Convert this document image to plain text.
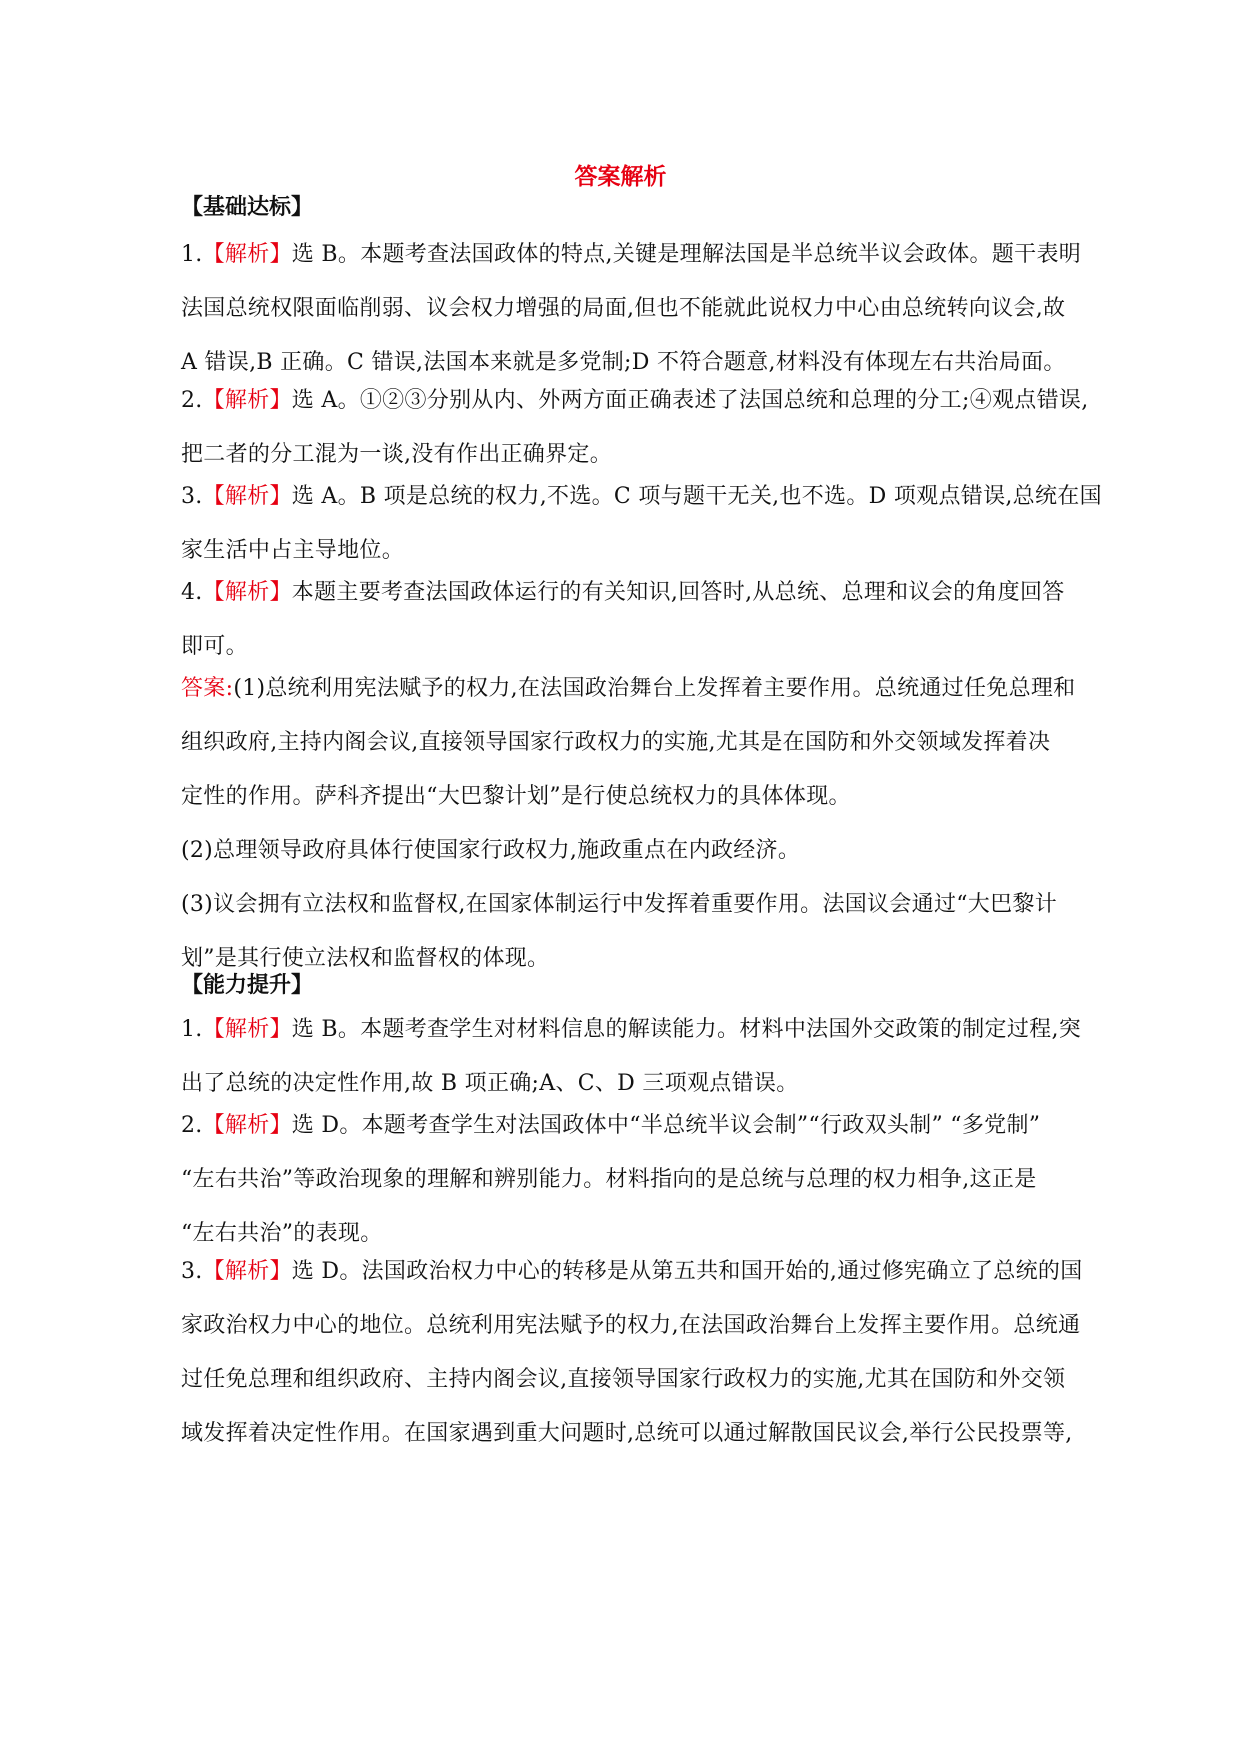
答案解析
【基础达标】
1.【解析】选 B。本题考查法国政体的特点,关键是理解法国是半总统半议会政体。题干表明
法国总统权限面临削弱、议会权力增强的局面,但也不能就此说权力中心由总统转向议会,故
A 错误,B 正确。C 错误,法国本来就是多党制;D 不符合题意,材料没有体现左右共治局面。
2.【解析】选 A。①②③分别从内、外两方面正确表述了法国总统和总理的分工;④观点错误,
把二者的分工混为一谈,没有作出正确界定。
3.【解析】选 A。B 项是总统的权力,不选。C 项与题干无关,也不选。D 项观点错误,总统在国
家生活中占主导地位。
4.【解析】本题主要考查法国政体运行的有关知识,回答时,从总统、总理和议会的角度回答
即可。
答案:(1)总统利用宪法赋予的权力,在法国政治舞台上发挥着主要作用。总统通过任免总理和
组织政府,主持内阁会议,直接领导国家行政权力的实施,尤其是在国防和外交领域发挥着决
定性的作用。萨科齐提出“大巴黎计划”是行使总统权力的具体体现。
(2)总理领导政府具体行使国家行政权力,施政重点在内政经济。
(3)议会拥有立法权和监督权,在国家体制运行中发挥着重要作用。法国议会通过“大巴黎计
划”是其行使立法权和监督权的体现。
【能力提升】
1.【解析】选 B。本题考查学生对材料信息的解读能力。材料中法国外交政策的制定过程,突
出了总统的决定性作用,故 B 项正确;A、C、D 三项观点错误。
2.【解析】选 D。本题考查学生对法国政体中“半总统半议会制”“行政双头制” “多党制”
“左右共治”等政治现象的理解和辨别能力。材料指向的是总统与总理的权力相争,这正是
“左右共治”的表现。
3.【解析】选 D。法国政治权力中心的转移是从第五共和国开始的,通过修宪确立了总统的国
家政治权力中心的地位。总统利用宪法赋予的权力,在法国政治舞台上发挥主要作用。总统通
过任免总理和组织政府、主持内阁会议,直接领导国家行政权力的实施,尤其在国防和外交领
域发挥着决定性作用。在国家遇到重大问题时,总统可以通过解散国民议会,举行公民投票等,
